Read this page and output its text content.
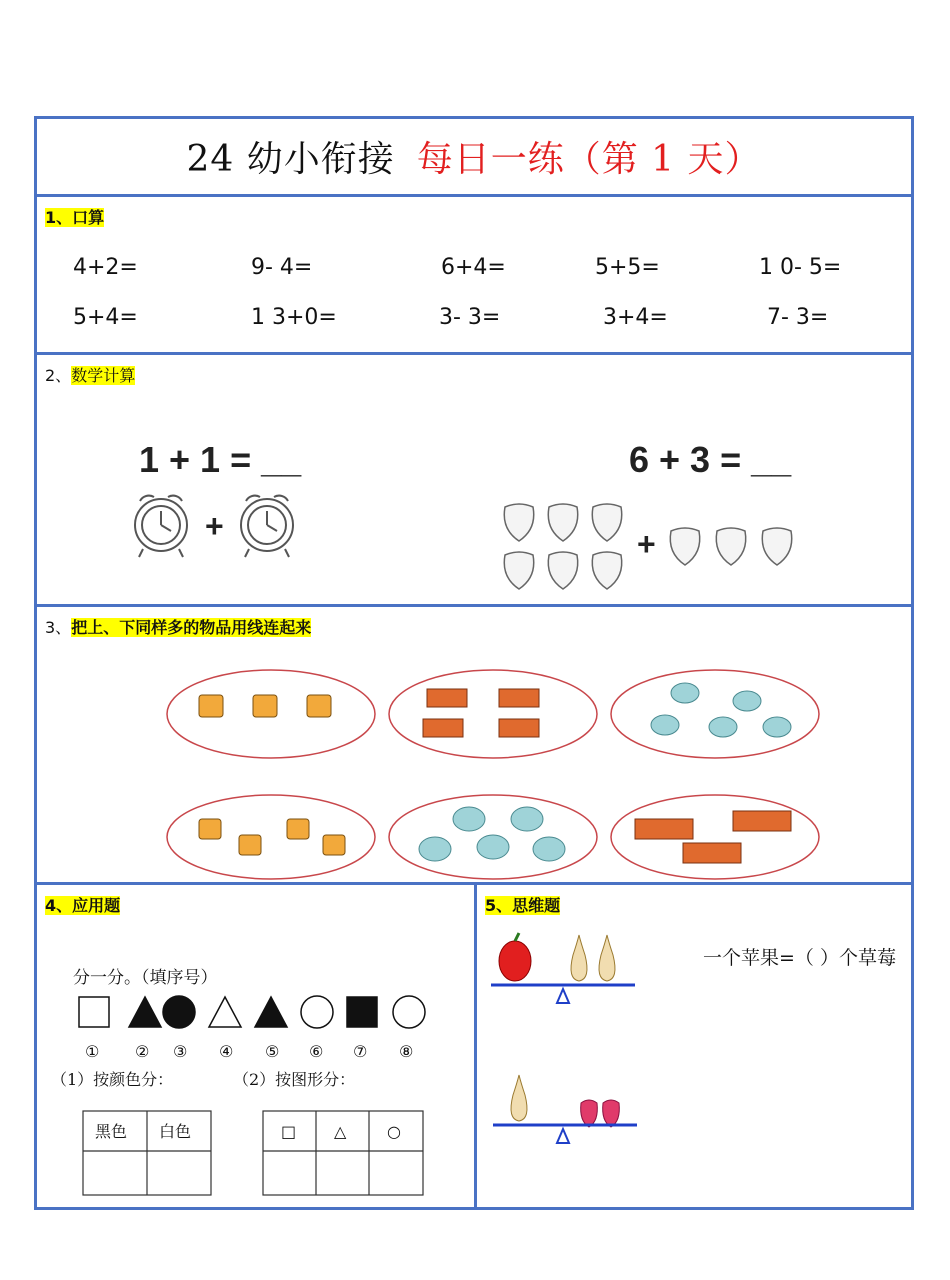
24 幼小衔接 每日一练（第 1 天）
1、口算
4+2=	9- 4=	6+4=	5+5=	1 0- 5=
5+4=	1 3+0=	3- 3=	3+4=	7- 3=
2、数学计算
1 + 1 = __	6 + 3 = __
+	+
3、把上、下同样多的物品用线连起来
4、应用题
分一分。（填序号）
① ② ③ ④ ⑤ ⑥ ⑦ ⑧
（1）按颜色分：	（2）按图形分：
黑色 白色	□ △	○
5、思维题
一个苹果=（ ）个草莓
